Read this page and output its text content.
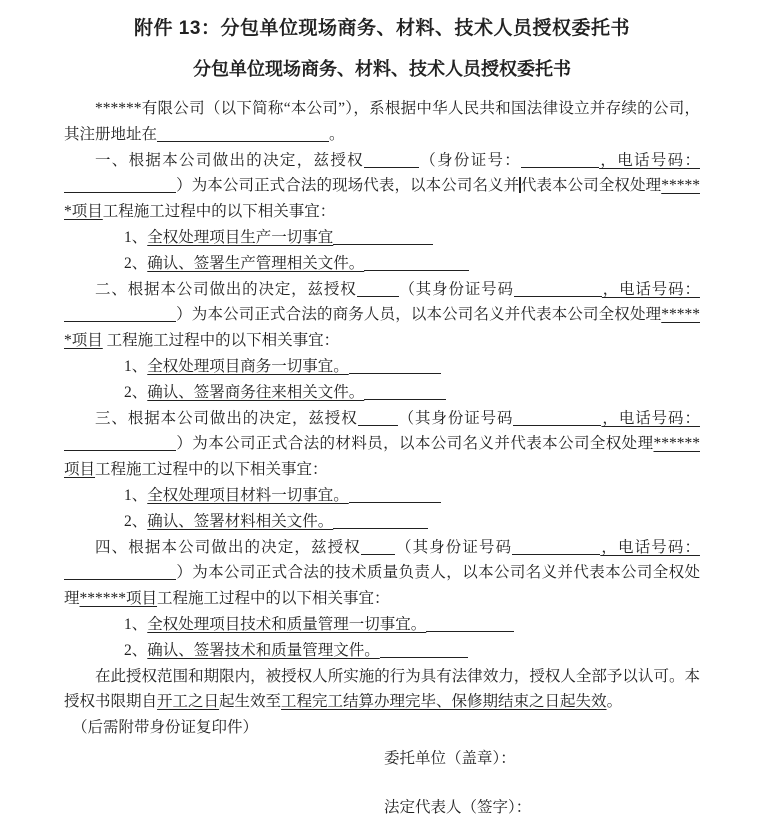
附件 13：分包单位现场商务、材料、技术人员授权委托书
分包单位现场商务、材料、技术人员授权委托书

******有限公司（以下简称“本公司”），系根据中华人民共和国法律设立并存续的公司，其注册地址在	。

一、根据本公司做出的决定，兹授权	（身份证号：	，电话号码：）为本公司正式合法的现场代表，以本公司名义并代表本公司全权处理******项目工程施工过程中的以下相关事宜：

1、全权处理项目生产一切事宜

2、确认、签署生产管理相关文件。

二、根据本公司做出的决定，兹授权	（其身份证号码	，电话号码：）为本公司正式合法的商务人员，以本公司名义并代表本公司全权处理******项目 工程施工过程中的以下相关事宜：

1、全权处理项目商务一切事宜。

2、确认、签署商务往来相关文件。

三、根据本公司做出的决定，兹授权	（其身份证号码	，电话号码：）为本公司正式合法的材料员，以本公司名义并代表本公司全权处理******项目工程施工过程中的以下相关事宜：

1、全权处理项目材料一切事宜。

2、确认、签署材料相关文件。

四、根据本公司做出的决定，兹授权 （其身份证号码	，电话号码：）为本公司正式合法的技术质量负责人，以本公司名义并代表本公司全权处理******项目工程施工过程中的以下相关事宜：

1、全权处理项目技术和质量管理一切事宜。

2、确认、签署技术和质量管理文件。

在此授权范围和期限内，被授权人所实施的行为具有法律效力，授权人全部予以认可。本授权书限期自开工之日起生效至工程完工结算办理完毕、保修期结束之日起失效。

（后需附带身份证复印件）

委托单位（盖章）：

法定代表人（签字）：
